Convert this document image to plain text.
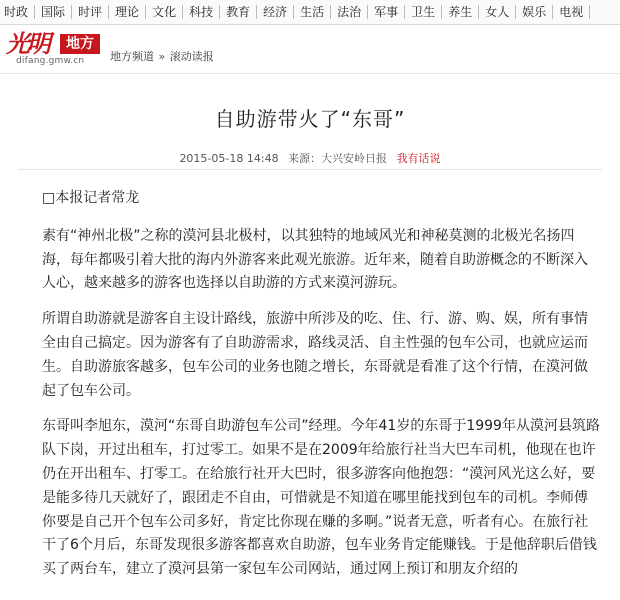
时政	国际	时评	理论	文化	科技	教育	经济	生活	法治	军事	卫生	养生	女人	娱乐	电视
光明	地方
difang.gmw.cn 地方频道 » 滚动读报
自助游带火了“东哥”
2015-05-18 14:48 来源：大兴安岭日报 我有话说

□本报记者常龙

素有“神州北极”之称的漠河县北极村，以其独特的地域风光和神秘莫测的北极光名扬四海，每年都吸引着大批的海内外游客来此观光旅游。近年来，随着自助游概念的不断深入人心，越来越多的游客也选择以自助游的方式来漠河游玩。

所谓自助游就是游客自主设计路线，旅游中所涉及的吃、住、行、游、购、娱，所有事情全由自己搞定。因为游客有了自助游需求，路线灵活、自主性强的包车公司，也就应运而生。自助游旅客越多，包车公司的业务也随之增长，东哥就是看准了这个行情，在漠河做起了包车公司。

东哥叫李旭东，漠河“东哥自助游包车公司”经理。今年41岁的东哥于1999年从漠河县筑路队下岗，开过出租车，打过零工。如果不是在2009年给旅行社当大巴车司机，他现在也许仍在开出租车、打零工。在给旅行社开大巴时，很多游客向他抱怨：“漠河风光这么好，要是能多待几天就好了，跟团走不自由，可惜就是不知道在哪里能找到包车的司机。李师傅你要是自己开个包车公司多好，肯定比你现在赚的多啊。”说者无意，听者有心。在旅行社干了6个月后，东哥发现很多游客都喜欢自助游，包车业务肯定能赚钱。于是他辞职后借钱买了两台车，建立了漠河县第一家包车公司网站，通过网上预订和朋友介绍的
